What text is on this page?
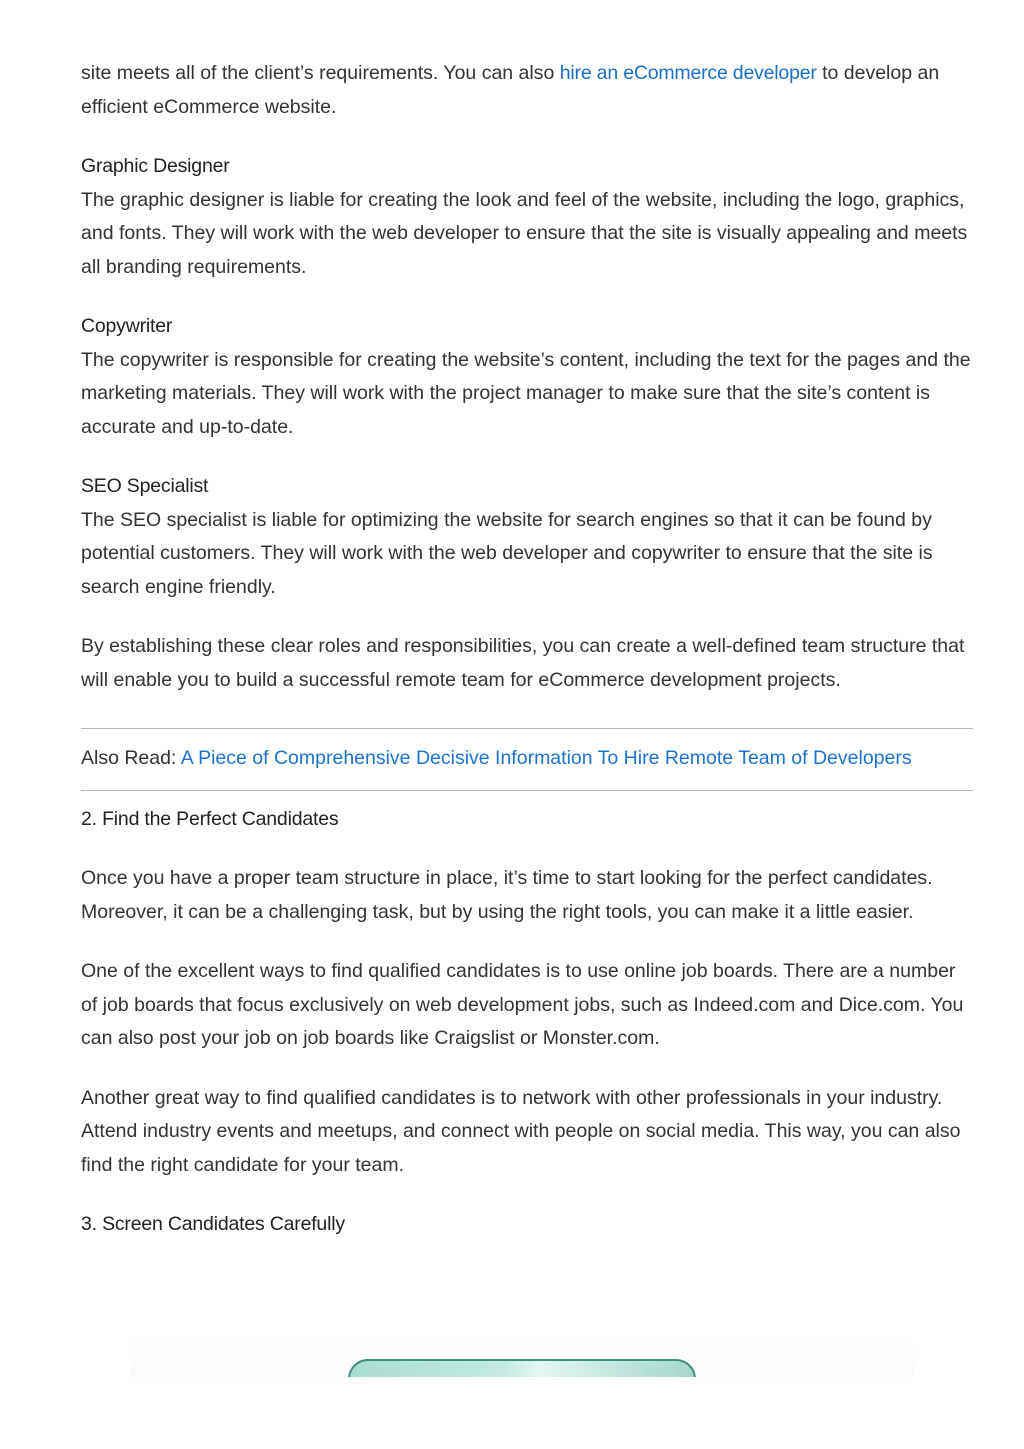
site meets all of the client’s requirements. You can also hire an eCommerce developer to develop an efficient eCommerce website.

Graphic Designer

The graphic designer is liable for creating the look and feel of the website, including the logo, graphics, and fonts. They will work with the web developer to ensure that the site is visually appealing and meets all branding requirements.

Copywriter

The copywriter is responsible for creating the website’s content, including the text for the pages and the marketing materials. They will work with the project manager to make sure that the site’s content is accurate and up-to-date.

SEO Specialist

The SEO specialist is liable for optimizing the website for search engines so that it can be found by potential customers. They will work with the web developer and copywriter to ensure that the site is search engine friendly.

By establishing these clear roles and responsibilities, you can create a well-defined team structure that will enable you to build a successful remote team for eCommerce development projects.

Also Read: A Piece of Comprehensive Decisive Information To Hire Remote Team of Developers

2. Find the Perfect Candidates

Once you have a proper team structure in place, it’s time to start looking for the perfect candidates. Moreover, it can be a challenging task, but by using the right tools, you can make it a little easier.

One of the excellent ways to find qualified candidates is to use online job boards. There are a number of job boards that focus exclusively on web development jobs, such as Indeed.com and Dice.com. You can also post your job on job boards like Craigslist or Monster.com.

Another great way to find qualified candidates is to network with other professionals in your industry. Attend industry events and meetups, and connect with people on social media. This way, you can also find the right candidate for your team.

3. Screen Candidates Carefully
